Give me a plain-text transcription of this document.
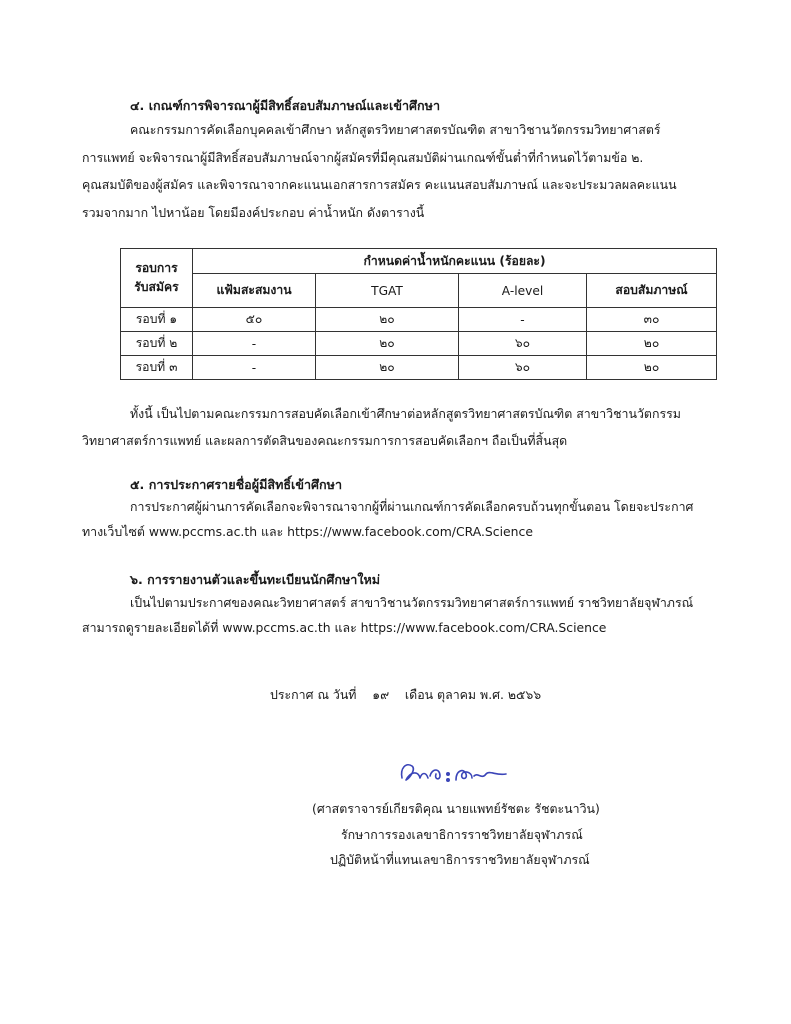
๔. เกณฑ์การพิจารณาผู้มีสิทธิ์สอบสัมภาษณ์และเข้าศึกษา
คณะกรรมการคัดเลือกบุคคลเข้าศึกษา หลักสูตรวิทยาศาสตรบัณฑิต สาขาวิชานวัตกรรมวิทยาศาสตร์
การแพทย์ จะพิจารณาผู้มีสิทธิ์สอบสัมภาษณ์จากผู้สมัครที่มีคุณสมบัติผ่านเกณฑ์ขั้นต่ำที่กำหนดไว้ตามข้อ ๒.
คุณสมบัติของผู้สมัคร และพิจารณาจากคะแนนเอกสารการสมัคร คะแนนสอบสัมภาษณ์ และจะประมวลผลคะแนน
รวมจากมาก ไปหาน้อย โดยมีองค์ประกอบ ค่าน้ำหนัก ดังตารางนี้
รอบการ
รับสมัคร	กำหนดค่าน้ำหนักคะแนน (ร้อยละ)			
	แฟ้มสะสมงาน	TGAT	A-level	สอบสัมภาษณ์
รอบที่ ๑	๕๐	๒๐	-	๓๐
รอบที่ ๒	-	๒๐	๖๐	๒๐
รอบที่ ๓	-	๒๐	๖๐	๒๐
ทั้งนี้ เป็นไปตามคณะกรรมการสอบคัดเลือกเข้าศึกษาต่อหลักสูตรวิทยาศาสตรบัณฑิต สาขาวิชานวัตกรรม
วิทยาศาสตร์การแพทย์ และผลการตัดสินของคณะกรรมการการสอบคัดเลือกฯ ถือเป็นที่สิ้นสุด
๕. การประกาศรายชื่อผู้มีสิทธิ์เข้าศึกษา
การประกาศผู้ผ่านการคัดเลือกจะพิจารณาจากผู้ที่ผ่านเกณฑ์การคัดเลือกครบถ้วนทุกขั้นตอน โดยจะประกาศ
ทางเว็บไซต์ www.pccms.ac.th และ https://www.facebook.com/CRA.Science
๖. การรายงานตัวและขึ้นทะเบียนนักศึกษาใหม่
เป็นไปตามประกาศของคณะวิทยาศาสตร์ สาขาวิชานวัตกรรมวิทยาศาสตร์การแพทย์ ราชวิทยาลัยจุฬาภรณ์
สามารถดูรายละเอียดได้ที่ www.pccms.ac.th และ https://www.facebook.com/CRA.Science
ประกาศ ณ วันที่    ๑๙    เดือน ตุลาคม พ.ศ. ๒๕๖๖
(ศาสตราจารย์เกียรติคุณ นายแพทย์รัชตะ รัชตะนาวิน)
รักษาการรองเลขาธิการราชวิทยาลัยจุฬาภรณ์
ปฏิบัติหน้าที่แทนเลขาธิการราชวิทยาลัยจุฬาภรณ์
